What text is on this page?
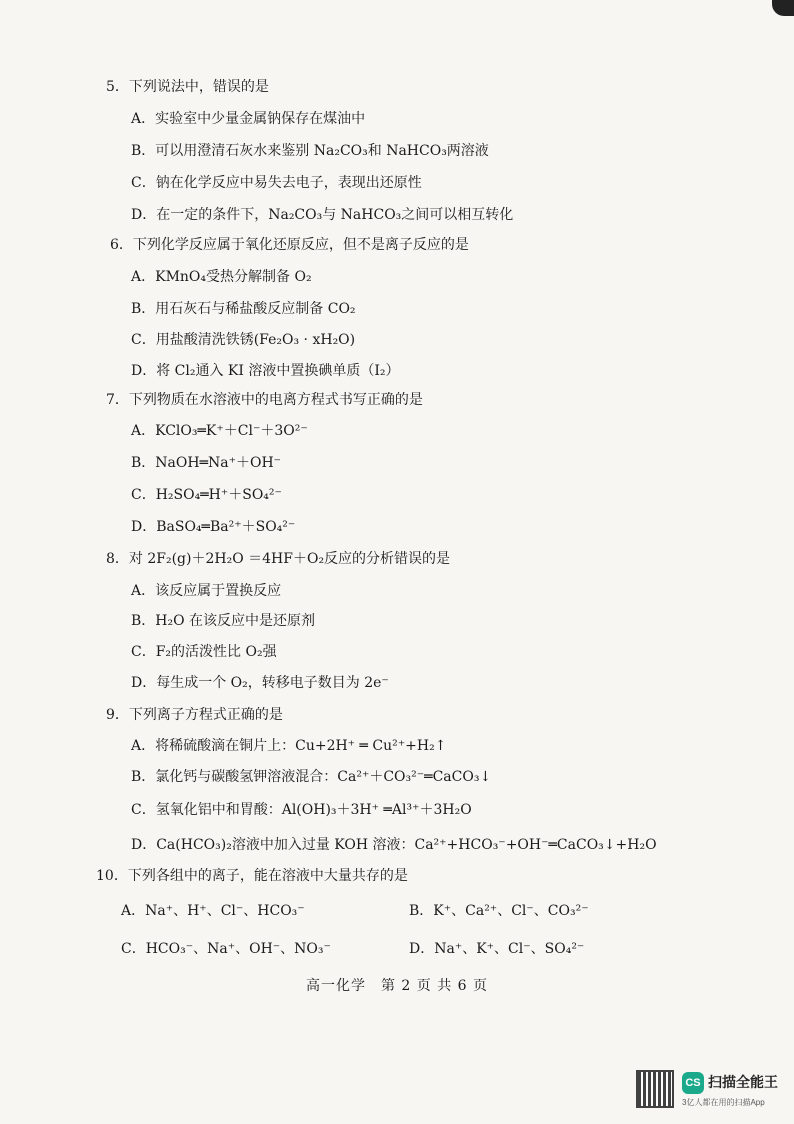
5．下列说法中，错误的是
A．实验室中少量金属钠保存在煤油中
B．可以用澄清石灰水来鉴别 Na₂CO₃和 NaHCO₃两溶液
C．钠在化学反应中易失去电子，表现出还原性
D．在一定的条件下，Na₂CO₃与 NaHCO₃之间可以相互转化
6．下列化学反应属于氧化还原反应，但不是离子反应的是
A．KMnO₄受热分解制备 O₂
B．用石灰石与稀盐酸反应制备 CO₂
C．用盐酸清洗铁锈(Fe₂O₃ · xH₂O)
D．将 Cl₂通入 KI 溶液中置换碘单质（I₂）
7．下列物质在水溶液中的电离方程式书写正确的是
A．KClO₃═K⁺＋Cl⁻＋3O²⁻
B．NaOH═Na⁺＋OH⁻
C．H₂SO₄═H⁺＋SO₄²⁻
D．BaSO₄═Ba²⁺＋SO₄²⁻
8．对 2F₂(g)＋2H₂O ＝4HF＋O₂反应的分析错误的是
A．该反应属于置换反应
B．H₂O 在该反应中是还原剂
C．F₂的活泼性比 O₂强
D．每生成一个 O₂，转移电子数目为 2e⁻
9．下列离子方程式正确的是
A．将稀硫酸滴在铜片上：Cu+2H⁺ ═ Cu²⁺+H₂↑
B．氯化钙与碳酸氢钾溶液混合：Ca²⁺＋CO₃²⁻═CaCO₃↓
C．氢氧化铝中和胃酸：Al(OH)₃＋3H⁺ ═Al³⁺＋3H₂O
D．Ca(HCO₃)₂溶液中加入过量 KOH 溶液：Ca²⁺+HCO₃⁻+OH⁻═CaCO₃↓+H₂O
10．下列各组中的离子，能在溶液中大量共存的是
A．Na⁺、H⁺、Cl⁻、HCO₃⁻	B．K⁺、Ca²⁺、Cl⁻、CO₃²⁻
C．HCO₃⁻、Na⁺、OH⁻、NO₃⁻	D．Na⁺、K⁺、Cl⁻、SO₄²⁻
高一化学　第 2 页 共 6 页
CS 扫描全能王
3亿人都在用的扫描App
